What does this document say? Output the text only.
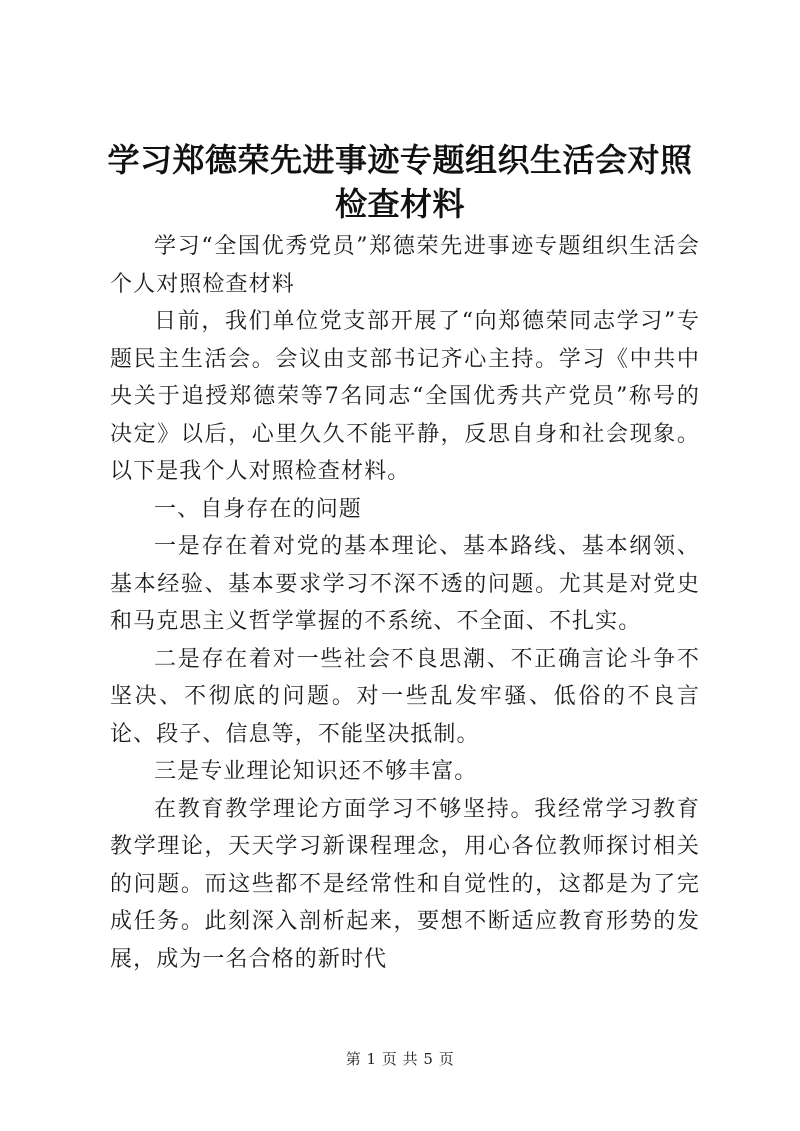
学习郑德荣先进事迹专题组织生活会对照检查材料

学习“全国优秀党员”郑德荣先进事迹专题组织生活会个人对照检查材料

日前，我们单位党支部开展了“向郑德荣同志学习”专题民主生活会。会议由支部书记齐心主持。学习《中共中央关于追授郑德荣等7名同志“全国优秀共产党员”称号的决定》以后，心里久久不能平静，反思自身和社会现象。以下是我个人对照检查材料。

一、自身存在的问题

一是存在着对党的基本理论、基本路线、基本纲领、基本经验、基本要求学习不深不透的问题。尤其是对党史和马克思主义哲学掌握的不系统、不全面、不扎实。

二是存在着对一些社会不良思潮、不正确言论斗争不坚决、不彻底的问题。对一些乱发牢骚、低俗的不良言论、段子、信息等，不能坚决抵制。

三是专业理论知识还不够丰富。

在教育教学理论方面学习不够坚持。我经常学习教育教学理论，天天学习新课程理念，用心各位教师探讨相关的问题。而这些都不是经常性和自觉性的，这都是为了完成任务。此刻深入剖析起来，要想不断适应教育形势的发展，成为一名合格的新时代

第 1 页 共 5 页
